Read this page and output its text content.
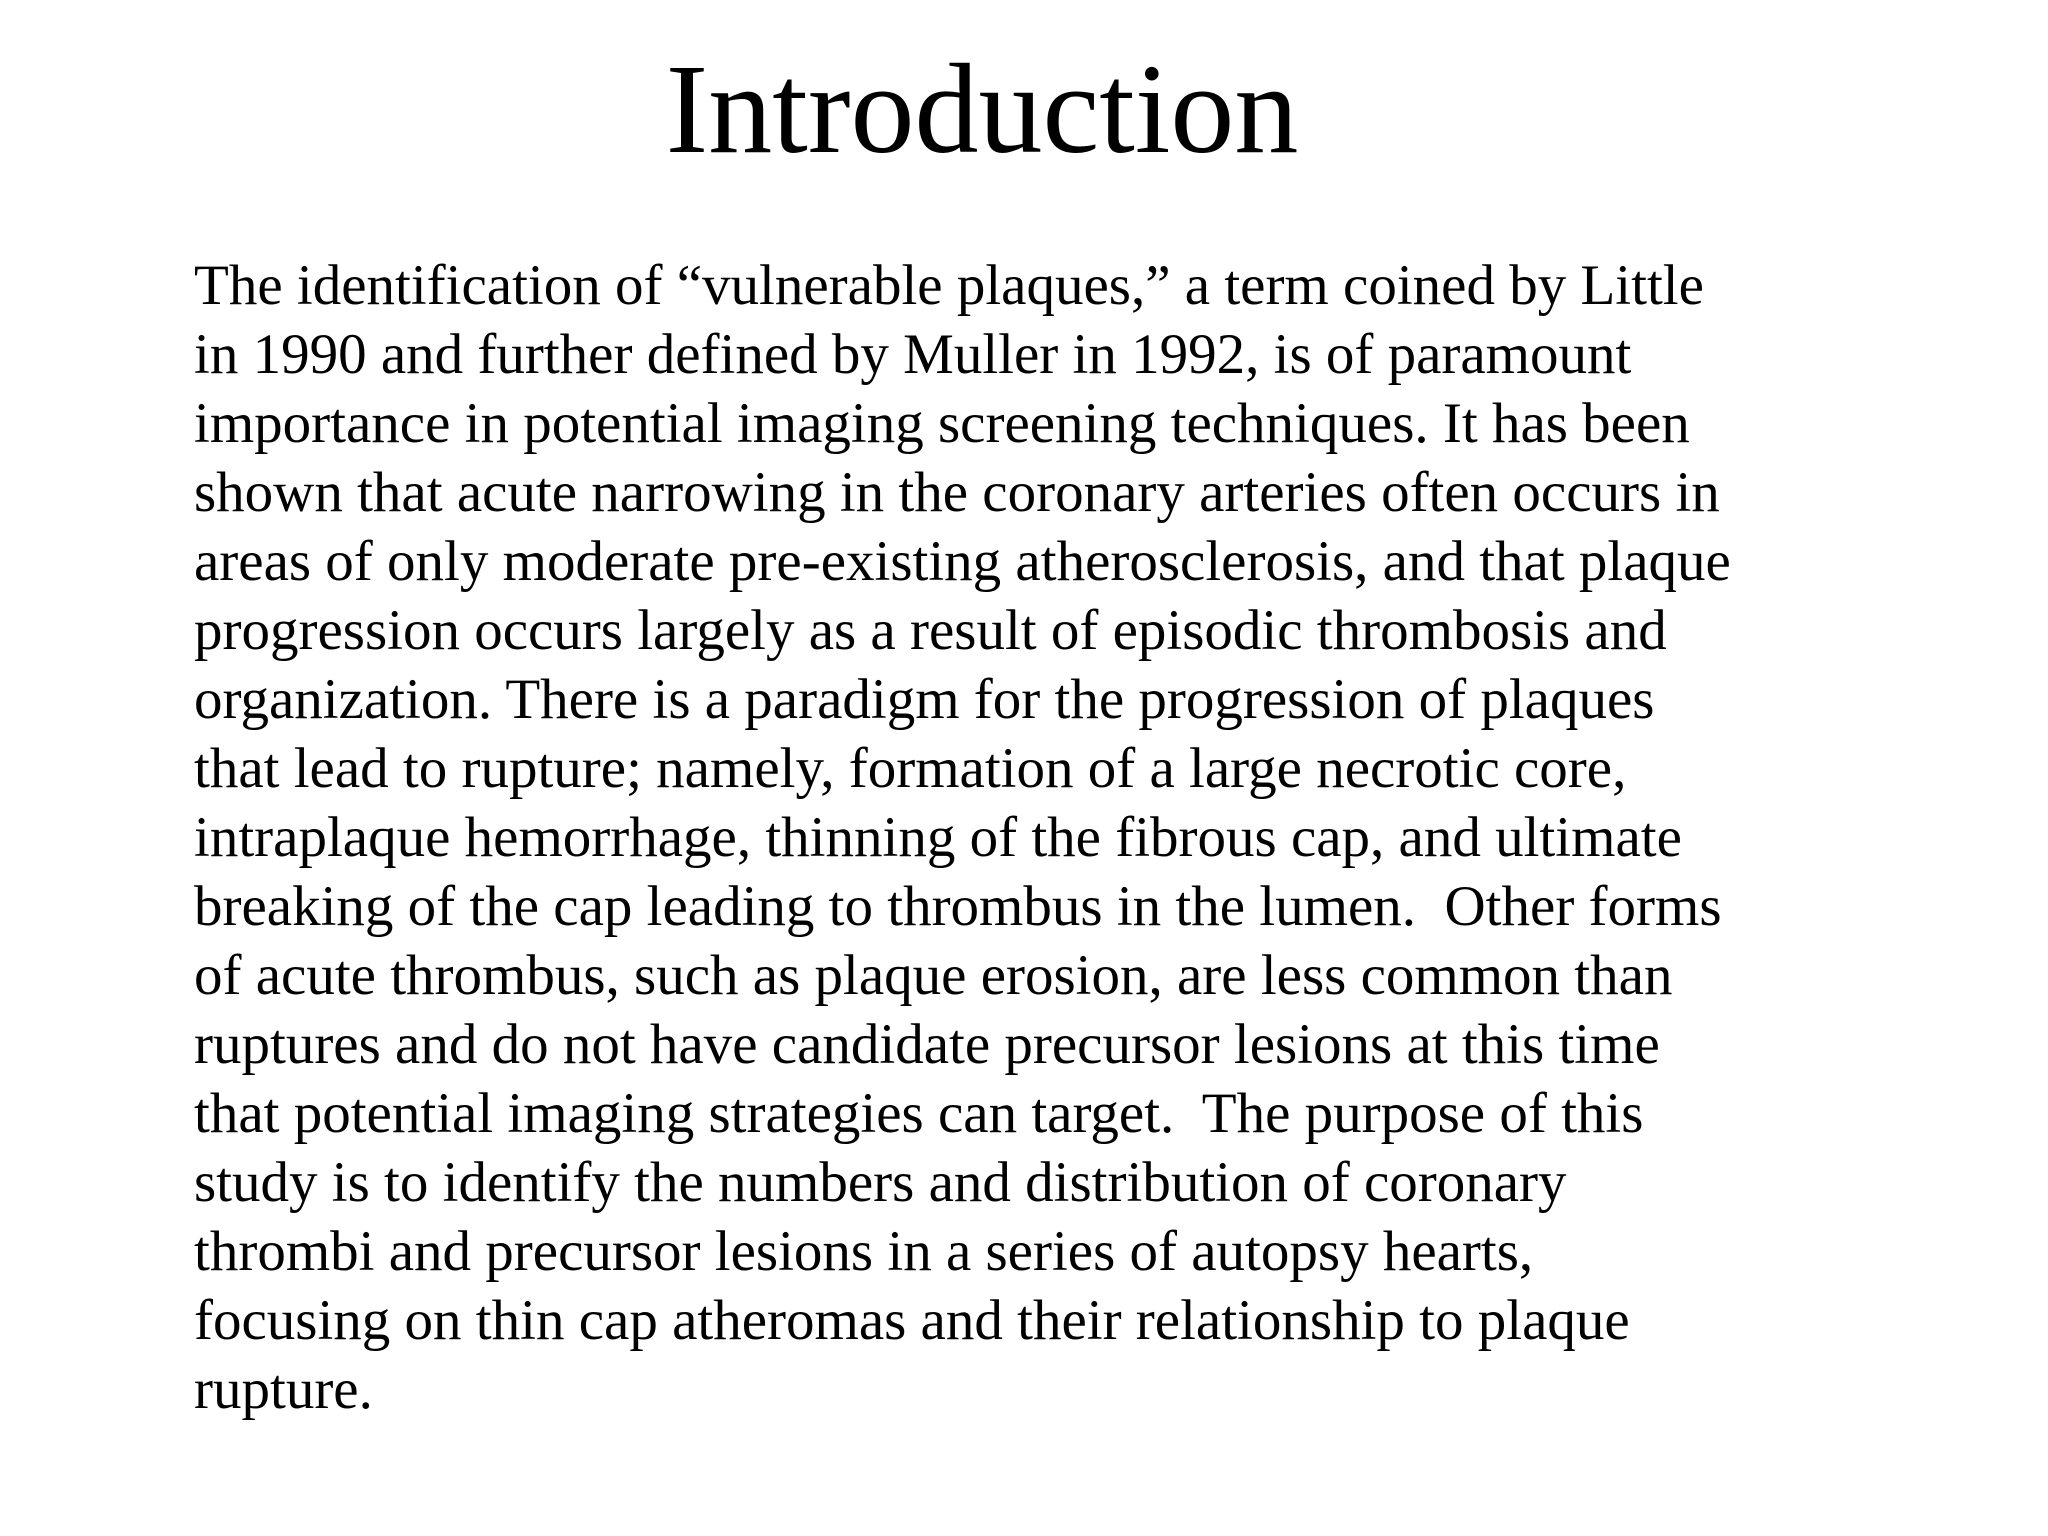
Introduction
The identification of “vulnerable plaques,” a term coined by Little
in 1990 and further defined by Muller in 1992, is of paramount
importance in potential imaging screening techniques. It has been
shown that acute narrowing in the coronary arteries often occurs in
areas of only moderate pre-existing atherosclerosis, and that plaque
progression occurs largely as a result of episodic thrombosis and
organization. There is a paradigm for the progression of plaques
that lead to rupture; namely, formation of a large necrotic core,
intraplaque hemorrhage, thinning of the fibrous cap, and ultimate
breaking of the cap leading to thrombus in the lumen.  Other forms
of acute thrombus, such as plaque erosion, are less common than
ruptures and do not have candidate precursor lesions at this time
that potential imaging strategies can target.  The purpose of this
study is to identify the numbers and distribution of coronary
thrombi and precursor lesions in a series of autopsy hearts,
focusing on thin cap atheromas and their relationship to plaque
rupture.
